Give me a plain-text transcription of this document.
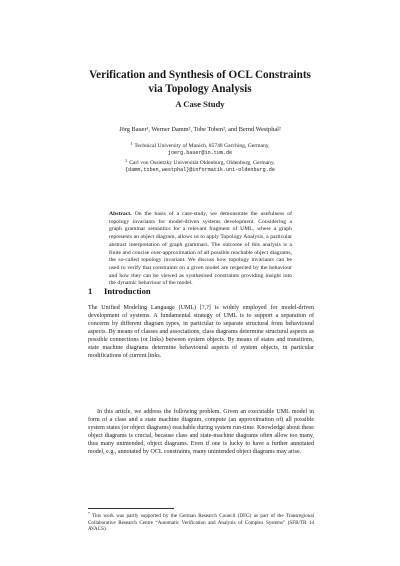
Verification and Synthesis of OCL Constraints
via Topology Analysis
A Case Study
Jörg Bauer¹, Werner Damm², Tobe Toben², and Bernd Westphal²
$^1$ Technical University of Munich, 85748 Garching, Germany,
joerg.bauer@in.tum.de
$^2$ Carl von Ossietzky Universität Oldenburg, Oldenburg, Germany,
{damm,toben,westphal}@informatik.uni-oldenburg.de

Abstract. On the basis of a case-study, we demonstrate the usefulness of topology invariants for model-driven systems development. Considering a graph grammar semantics for a relevant fragment of UML, where a graph represents an object diagram, allows us to apply Topology Analysis, a particular abstract interpretation of graph grammars. The outcome of this analysis is a finite and concise over-approximation of all possible reachable object diagrams, the so-called topology invariant. We discuss how topology invariants can be used to verify that constraints on a given model are respected by the behaviour and how they can be viewed as synthesised constraints providing insight into the dynamic behaviour of the model.

1 Introduction

The Unified Modeling Language (UML) [?,?] is widely employed for model-driven development of systems. A fundamental strategy of UML is to support a separation of concerns by different diagram types, in particular to separate structural from behavioural aspects. By means of classes and associations, class diagrams determine structural aspects as possible connections (or links) between system objects. By means of states and transitions, state machine diagrams determine behavioural aspects of system objects, in particular modifications of current links.

In this article, we address the following problem. Given an executable UML model in form of a class and a state machine diagram, compute (an approximation of) all possible system states (or object diagrams) reachable during system run-time. Knowledge about these object diagrams is crucial, because class and state-machine diagrams often allow too many, thus many unintended, object diagrams. Even if one is lucky to have a further annotated model, e.g., annotated by OCL constraints, many unintended object diagrams may arise.

* This work was partly supported by the German Research Council (DFG) as part of the Transregional Collaborative Research Centre “Automatic Verification and Analysis of Complex Systems” (SFB/TR 14 AVACS).
